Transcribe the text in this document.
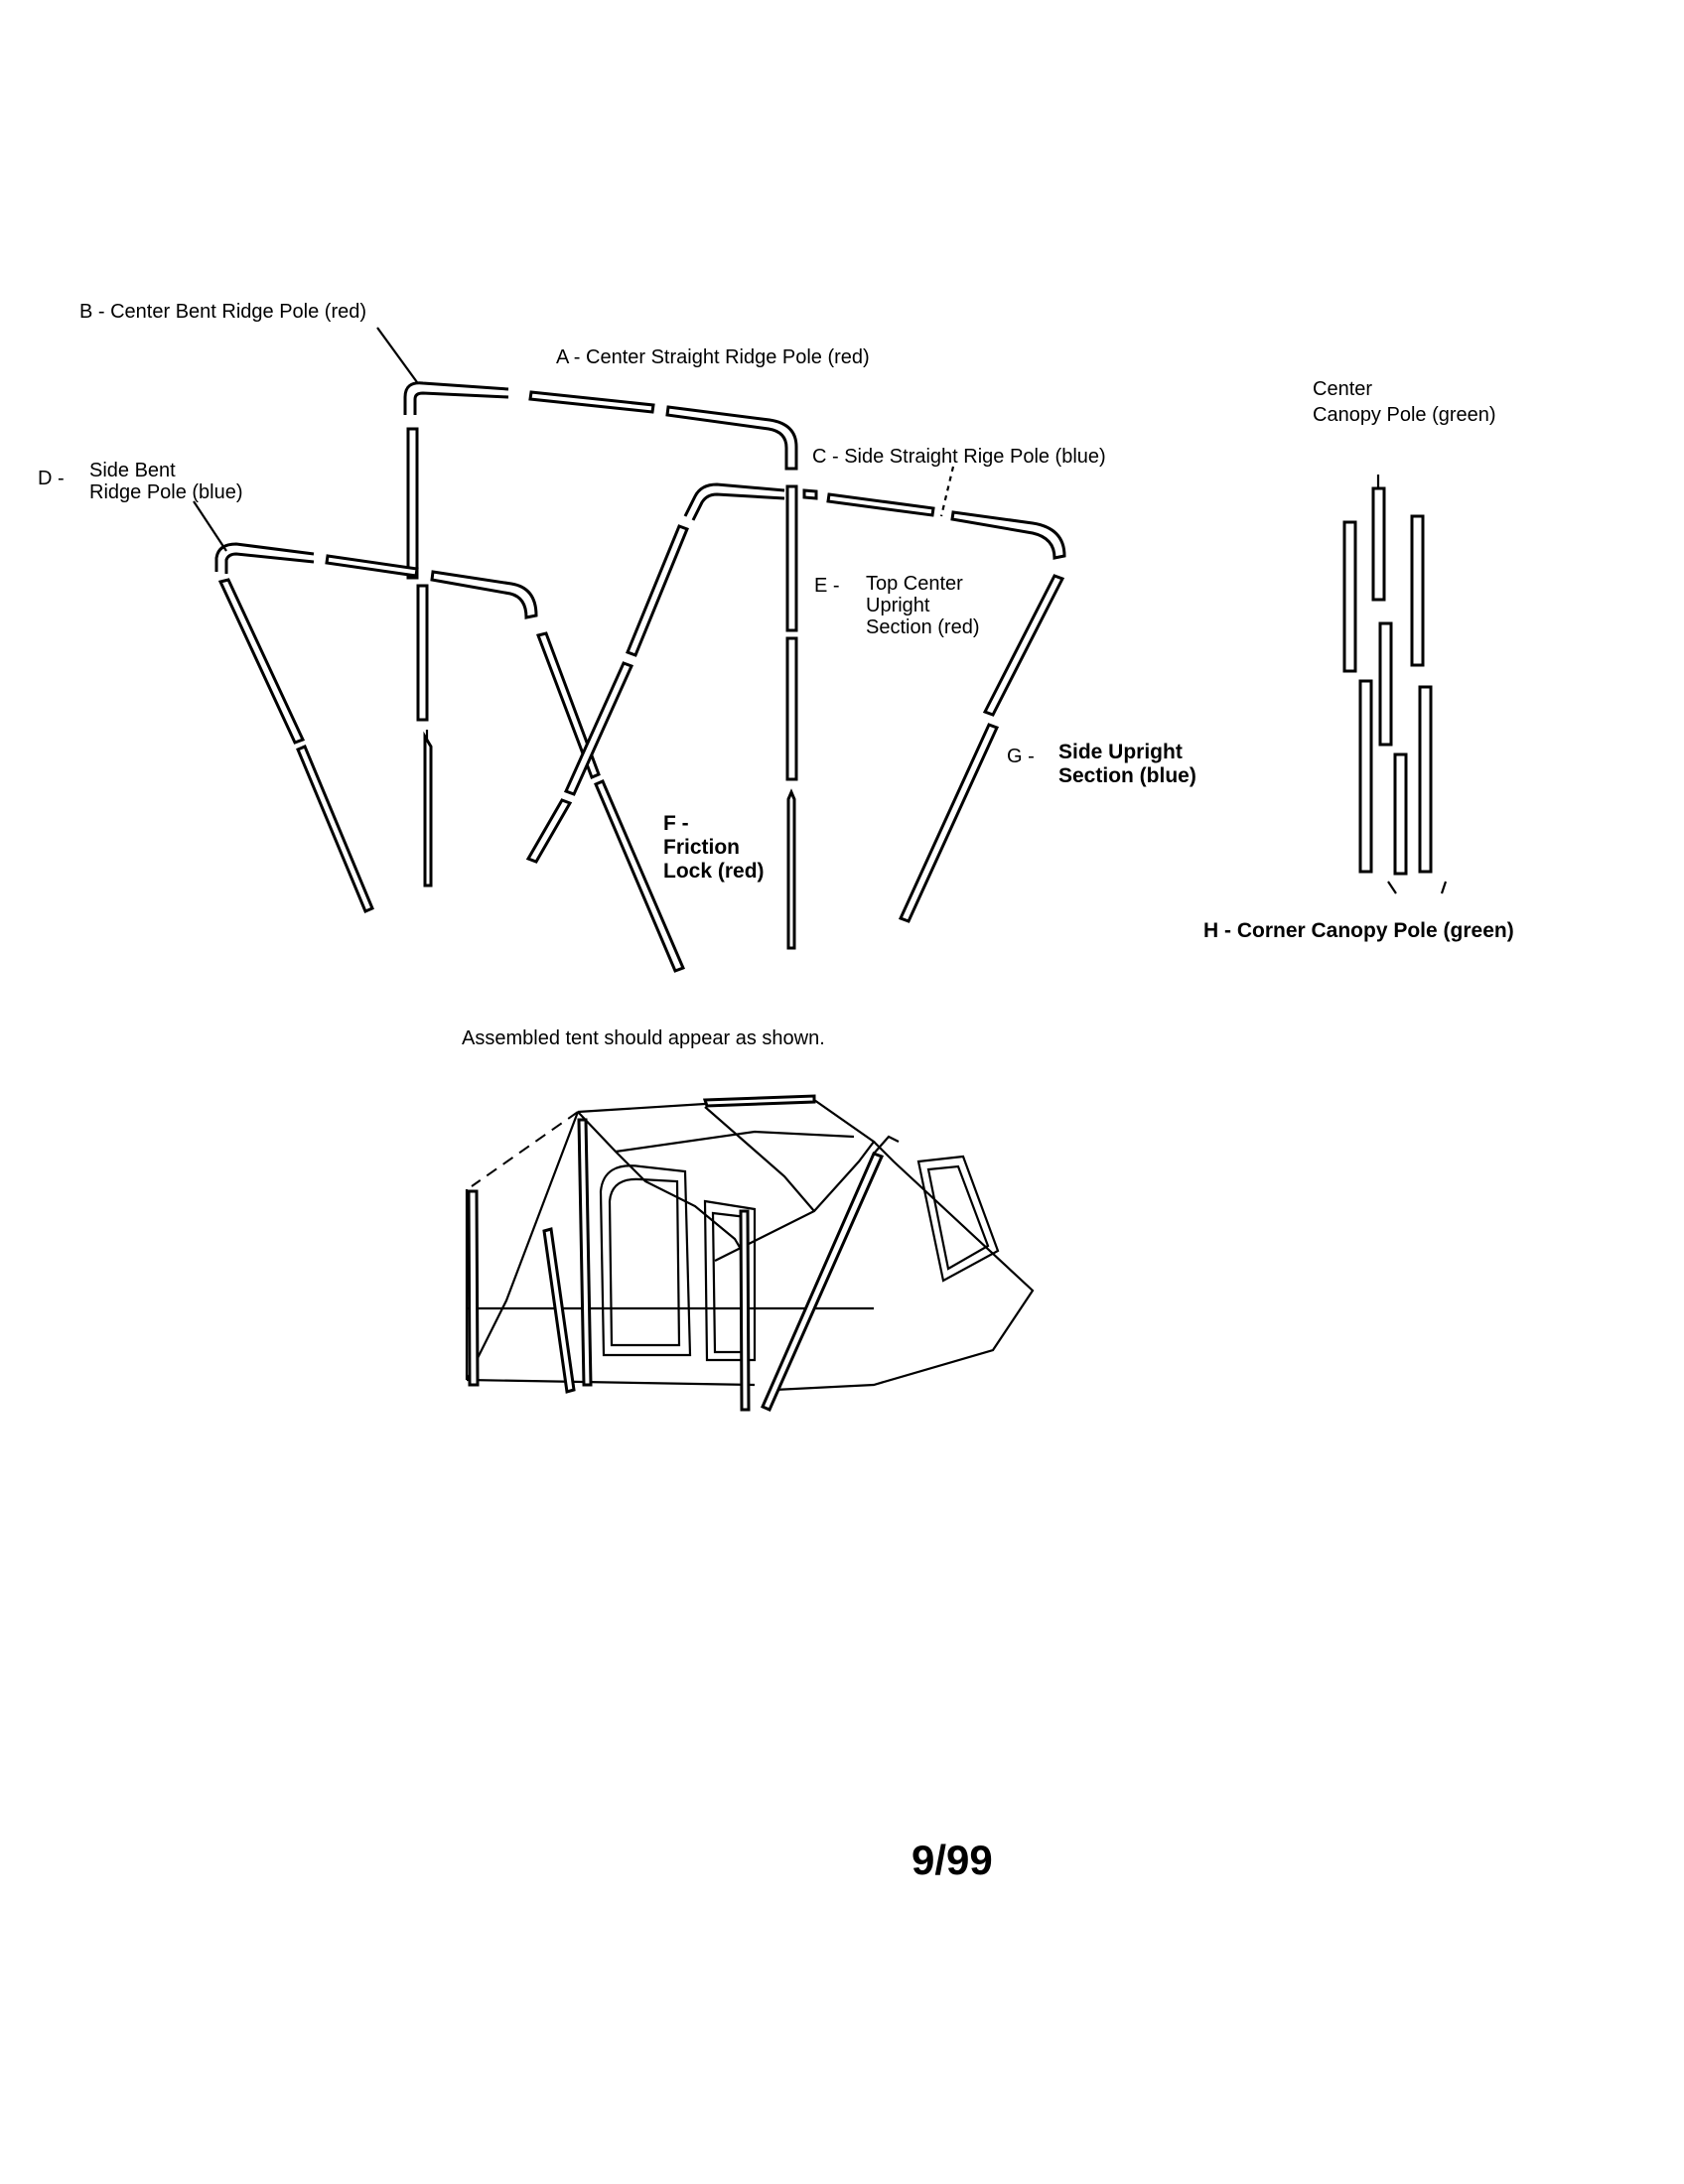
B - Center Bent Ridge Pole (red)
A - Center Straight Ridge Pole (red)
C - Side Straight Rige Pole (blue)
D - Side Bent
Ridge Pole (blue)
E - Top Center
Upright
Section (red)
F -
Friction
Lock (red)
G - Side Upright
Section (blue)
Center
Canopy Pole (green)
H - Corner Canopy Pole (green)
Assembled tent should appear as shown.
9/99
